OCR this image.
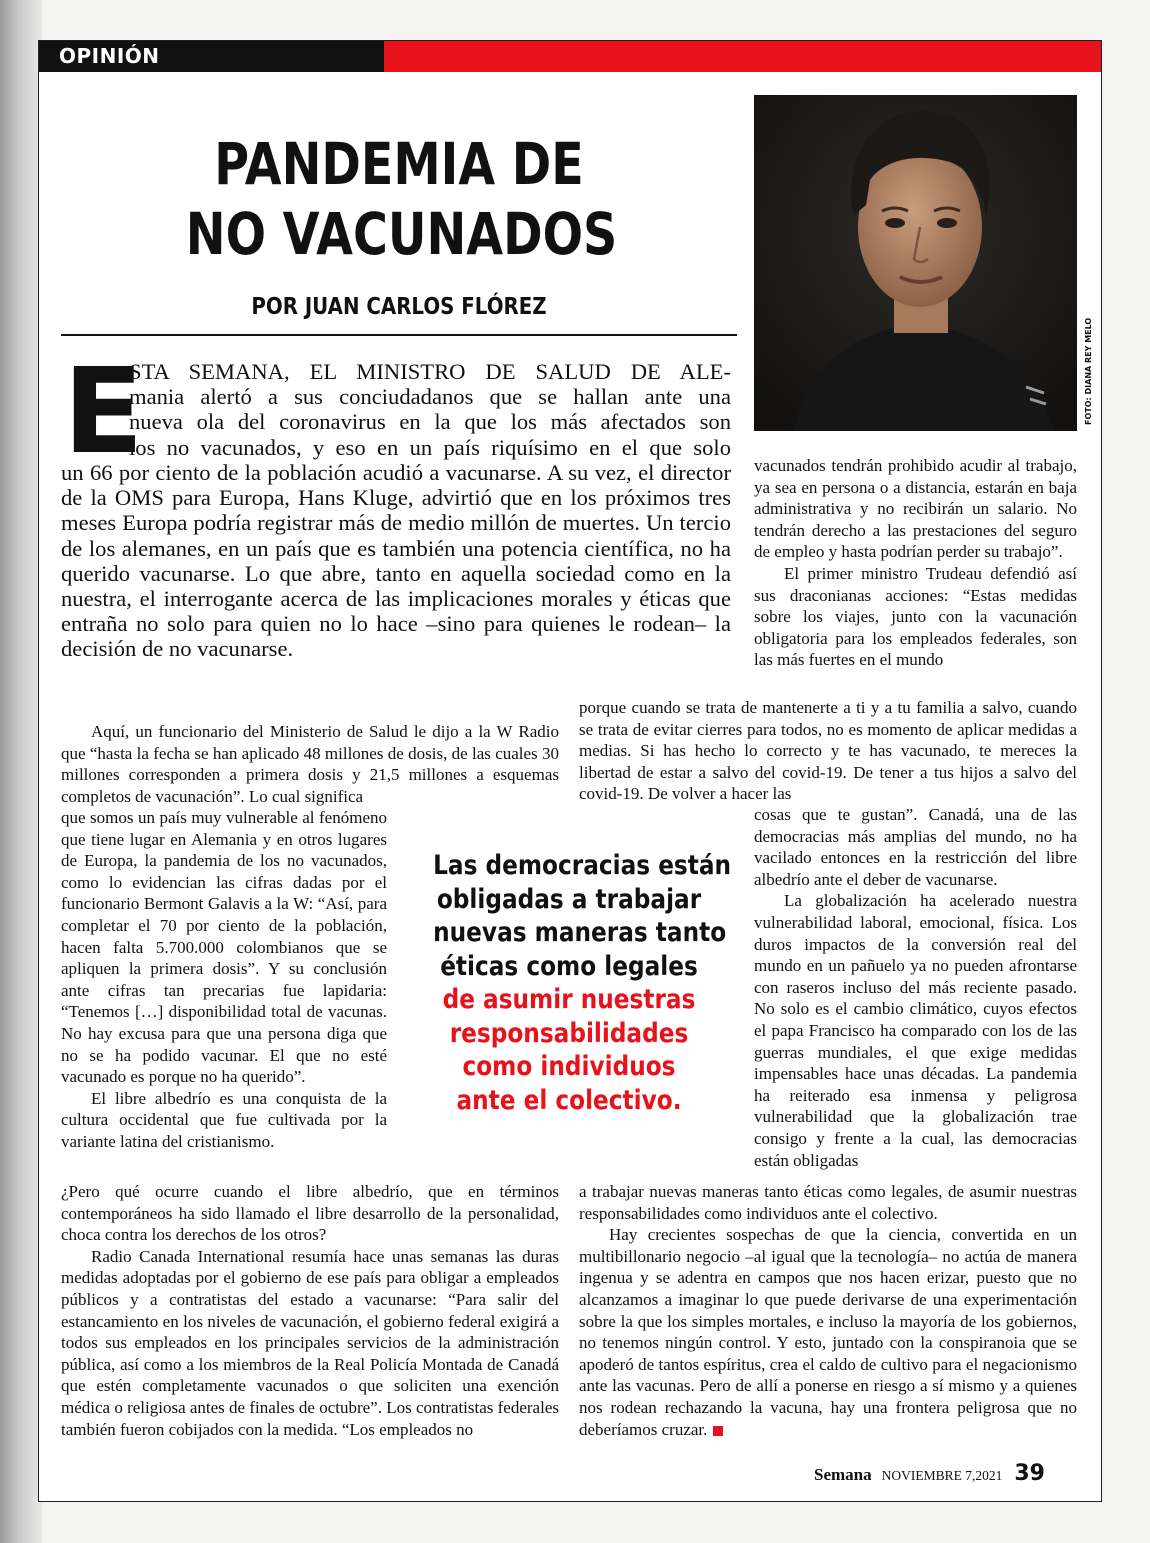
OPINIÓN
PANDEMIA DE
NO VACUNADOS
POR JUAN CARLOS FLÓREZ
FOTO: DIANA REY MELO
E
STA SEMANA, EL MINISTRO DE SALUD DE ALE-
mania alertó a sus conciudadanos que se hallan ante una
nueva ola del coronavirus en la que los más afectados son
los no vacunados, y eso en un país riquísimo en el que solo
un 66 por ciento de la población acudió a vacunarse. A su vez, el director de la OMS para Europa, Hans Kluge, advirtió que en los próximos tres meses Europa podría registrar más de medio millón de muertes. Un tercio de los alemanes, en un país que es también una potencia científica, no ha querido vacunarse. Lo que abre, tanto en aquella sociedad como en la nuestra, el interrogante acerca de las implicaciones morales y éticas que entraña no solo para quien no lo hace –sino para quienes le rodean– la decisión de no vacunarse.

Aquí, un funcionario del Ministerio de Salud le dijo a la W Radio que “hasta la fecha se han aplicado 48 millones de dosis, de las cuales 30 millones corresponden a primera dosis y 21,5 millones a esquemas completos de vacunación”. Lo cual significa

que somos un país muy vulnerable al fenómeno que tiene lugar en Alemania y en otros lugares de Europa, la pandemia de los no vacunados, como lo evidencian las cifras dadas por el funcionario Bermont Galavis a la W: “Así, para completar el 70 por ciento de la población, hacen falta 5.700.000 colombianos que se apliquen la primera dosis”. Y su conclusión ante cifras tan precarias fue lapidaria: “Tenemos […] disponibilidad total de vacunas. No hay excusa para que una persona diga que no se ha podido vacunar. El que no esté vacunado es porque no ha querido”.

El libre albedrío es una conquista de la cultura occidental que fue cultivada por la variante latina del cristianismo.

¿Pero qué ocurre cuando el libre albedrío, que en términos contemporáneos ha sido llamado el libre desarrollo de la personalidad, choca contra los derechos de los otros?

Radio Canada International resumía hace unas semanas las duras medidas adoptadas por el gobierno de ese país para obligar a empleados públicos y a contratistas del estado a vacunarse: “Para salir del estancamiento en los niveles de vacunación, el gobierno federal exigirá a todos sus empleados en los principales servicios de la administración pública, así como a los miembros de la Real Policía Montada de Canadá que estén completamente vacunados o que soliciten una exención médica o religiosa antes de finales de octubre”. Los contratistas federales también fueron cobijados con la medida. “Los empleados no

Las democracias están
obligadas a trabajar
nuevas maneras tanto
éticas como legales
de asumir nuestras
responsabilidades
como individuos
ante el colectivo.

vacunados tendrán prohibido acudir al trabajo, ya sea en persona o a distancia, estarán en baja administrativa y no recibirán un salario. No tendrán derecho a las prestaciones del seguro de empleo y hasta podrían perder su trabajo”.

El primer ministro Trudeau defendió así sus draconianas acciones: “Estas medidas sobre los viajes, junto con la vacunación obligatoria para los empleados federales, son las más fuertes en el mundo

porque cuando se trata de mantenerte a ti y a tu familia a salvo, cuando se trata de evitar cierres para todos, no es momento de aplicar medidas a medias. Si has hecho lo correcto y te has vacunado, te mereces la libertad de estar a salvo del covid-19. De tener a tus hijos a salvo del covid-19. De volver a hacer las

cosas que te gustan”. Canadá, una de las democracias más amplias del mundo, no ha vacilado entonces en la restricción del libre albedrío ante el deber de vacunarse.

La globalización ha acelerado nuestra vulnerabilidad laboral, emocional, física. Los duros impactos de la conversión real del mundo en un pañuelo ya no pueden afrontarse con raseros incluso del más reciente pasado. No solo es el cambio climático, cuyos efectos el papa Francisco ha comparado con los de las guerras mundiales, el que exige medidas impensables hace unas décadas. La pandemia ha reiterado esa inmensa y peligrosa vulnerabilidad que la globalización trae consigo y frente a la cual, las democracias están obligadas

a trabajar nuevas maneras tanto éticas como legales, de asumir nuestras responsabilidades como individuos ante el colectivo.

Hay crecientes sospechas de que la ciencia, convertida en un multibillonario negocio –al igual que la tecnología– no actúa de manera ingenua y se adentra en campos que nos hacen erizar, puesto que no alcanzamos a imaginar lo que puede derivarse de una experimentación sobre la que los simples mortales, e incluso la mayoría de los gobiernos, no tenemos ningún control. Y esto, juntado con la conspiranoia que se apoderó de tantos espíritus, crea el caldo de cultivo para el negacionismo ante las vacunas. Pero de allí a ponerse en riesgo a sí mismo y a quienes nos rodean rechazando la vacuna, hay una frontera peligrosa que no deberíamos cruzar.

Semana NOVIEMBRE 7,2021 39
